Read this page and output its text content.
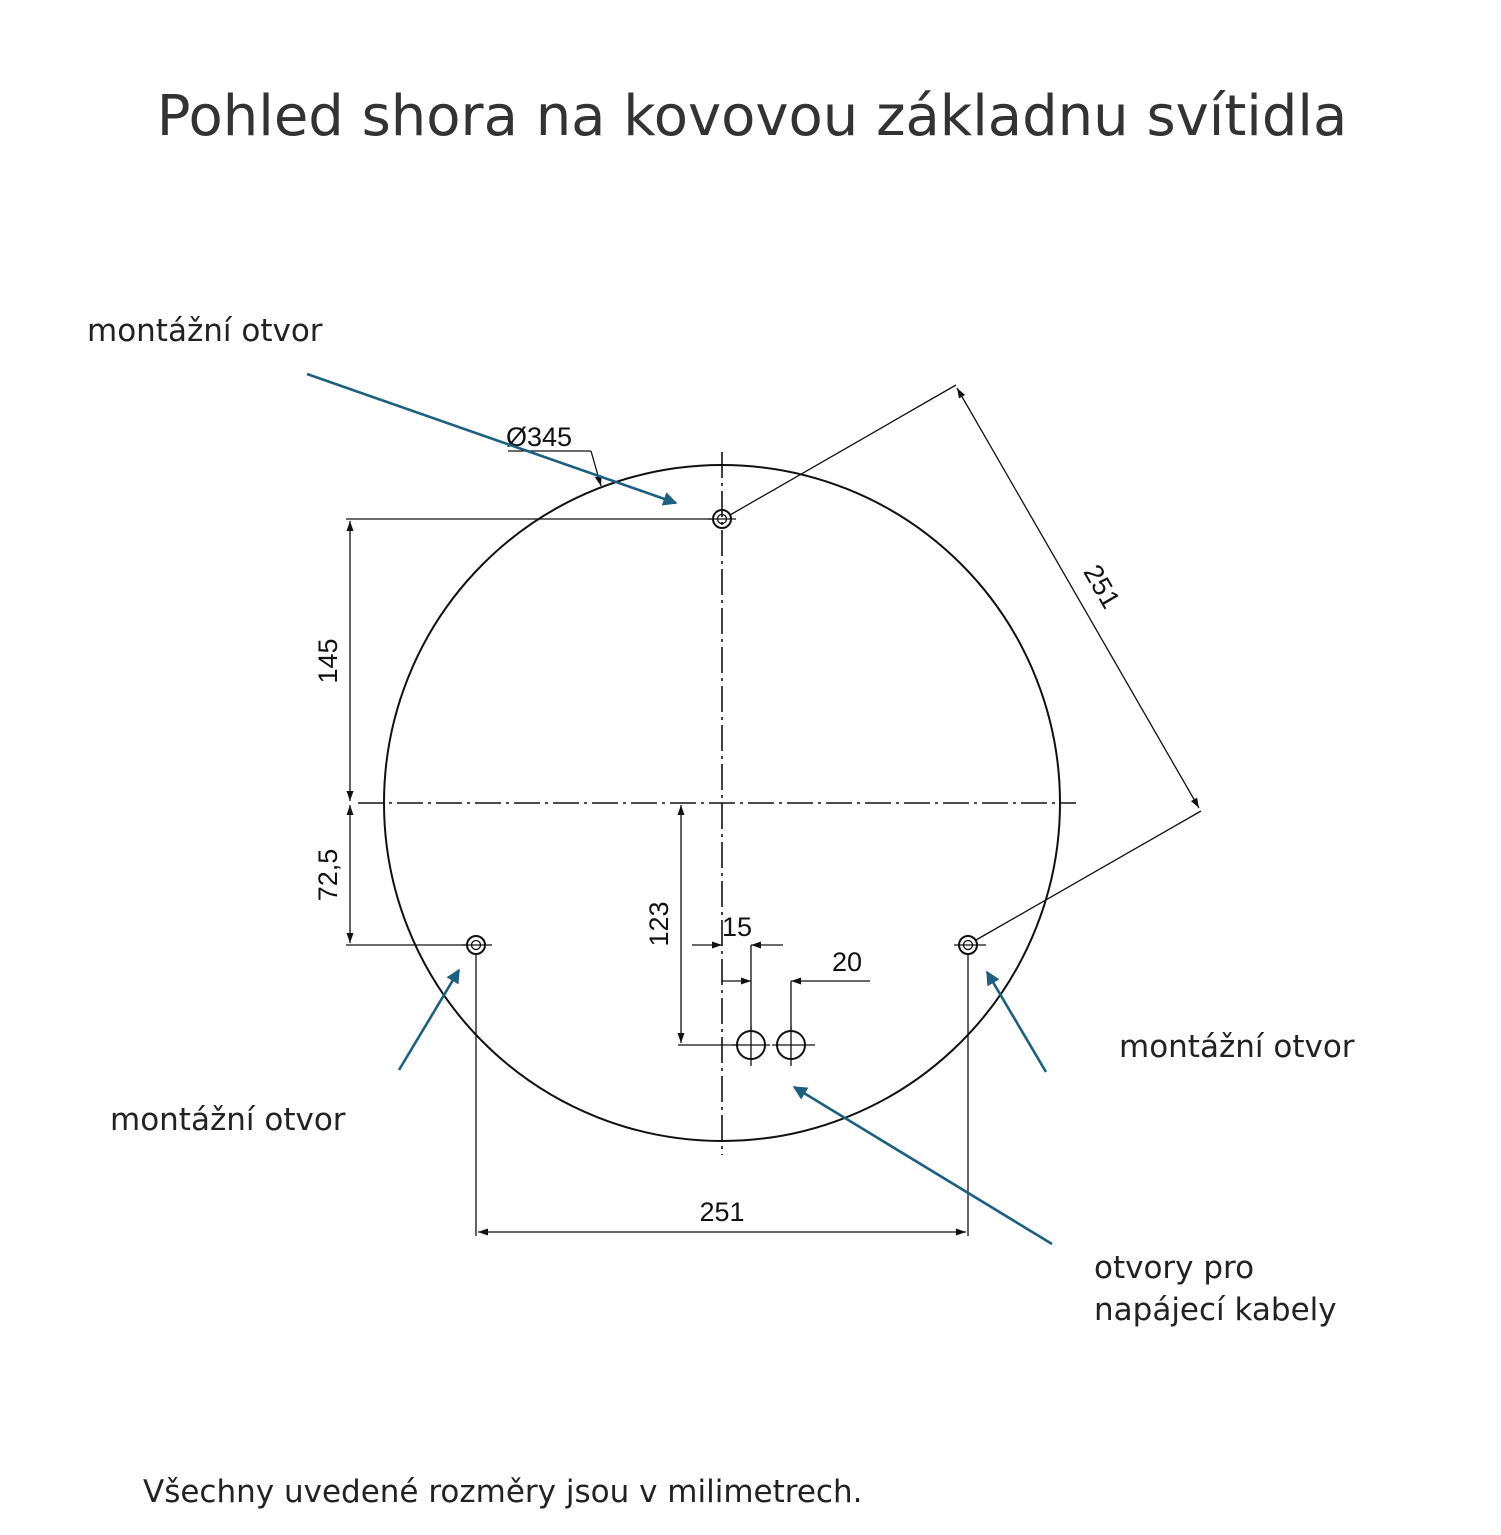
Pohled shora na kovovou základnu svítidla
Ø345
145
72,5
123 15
20
251
251
montážní otvor
montážní otvor
montážní otvor
otvory pro
napájecí kabely
Všechny uvedené rozměry jsou v milimetrech.
